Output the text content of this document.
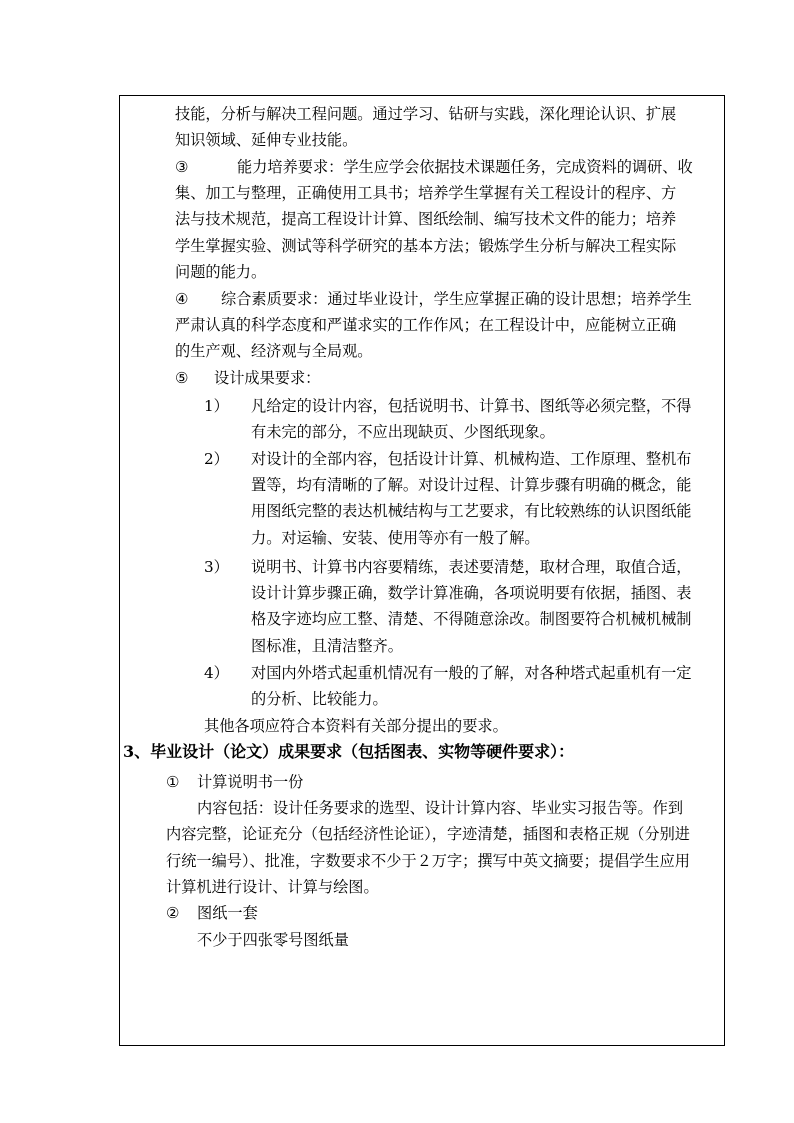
技能，分析与解决工程问题。通过学习、钻研与实践，深化理论认识、扩展
知识领域、延伸专业技能。
③	能力培养要求：学生应学会依据技术课题任务，完成资料的调研、收
集、加工与整理，正确使用工具书；培养学生掌握有关工程设计的程序、方
法与技术规范，提高工程设计计算、图纸绘制、编写技术文件的能力；培养
学生掌握实验、测试等科学研究的基本方法；锻炼学生分析与解决工程实际
问题的能力。
④ 综合素质要求：通过毕业设计，学生应掌握正确的设计思想；培养学生
严肃认真的科学态度和严谨求实的工作作风；在工程设计中，应能树立正确
的生产观、经济观与全局观。
⑤ 设计成果要求：
1） 凡给定的设计内容，包括说明书、计算书、图纸等必须完整，不得
有未完的部分，不应出现缺页、少图纸现象。
2） 对设计的全部内容，包括设计计算、机械构造、工作原理、整机布
置等，均有清晰的了解。对设计过程、计算步骤有明确的概念，能
用图纸完整的表达机械结构与工艺要求，有比较熟练的认识图纸能
力。对运输、安装、使用等亦有一般了解。
3） 说明书、计算书内容要精练，表述要清楚，取材合理，取值合适，
设计计算步骤正确，数学计算准确，各项说明要有依据，插图、表
格及字迹均应工整、清楚、不得随意涂改。制图要符合机械机械制
图标准，且清洁整齐。
4） 对国内外塔式起重机情况有一般的了解，对各种塔式起重机有一定
的分析、比较能力。
其他各项应符合本资料有关部分提出的要求。
3、毕业设计（论文）成果要求（包括图表、实物等硬件要求）：
① 计算说明书一份
内容包括：设计任务要求的选型、设计计算内容、毕业实习报告等。作到
内容完整，论证充分（包括经济性论证），字迹清楚，插图和表格正规（分别进
行统一编号）、批准，字数要求不少于２万字；撰写中英文摘要；提倡学生应用
计算机进行设计、计算与绘图。
② 图纸一套
不少于四张零号图纸量
